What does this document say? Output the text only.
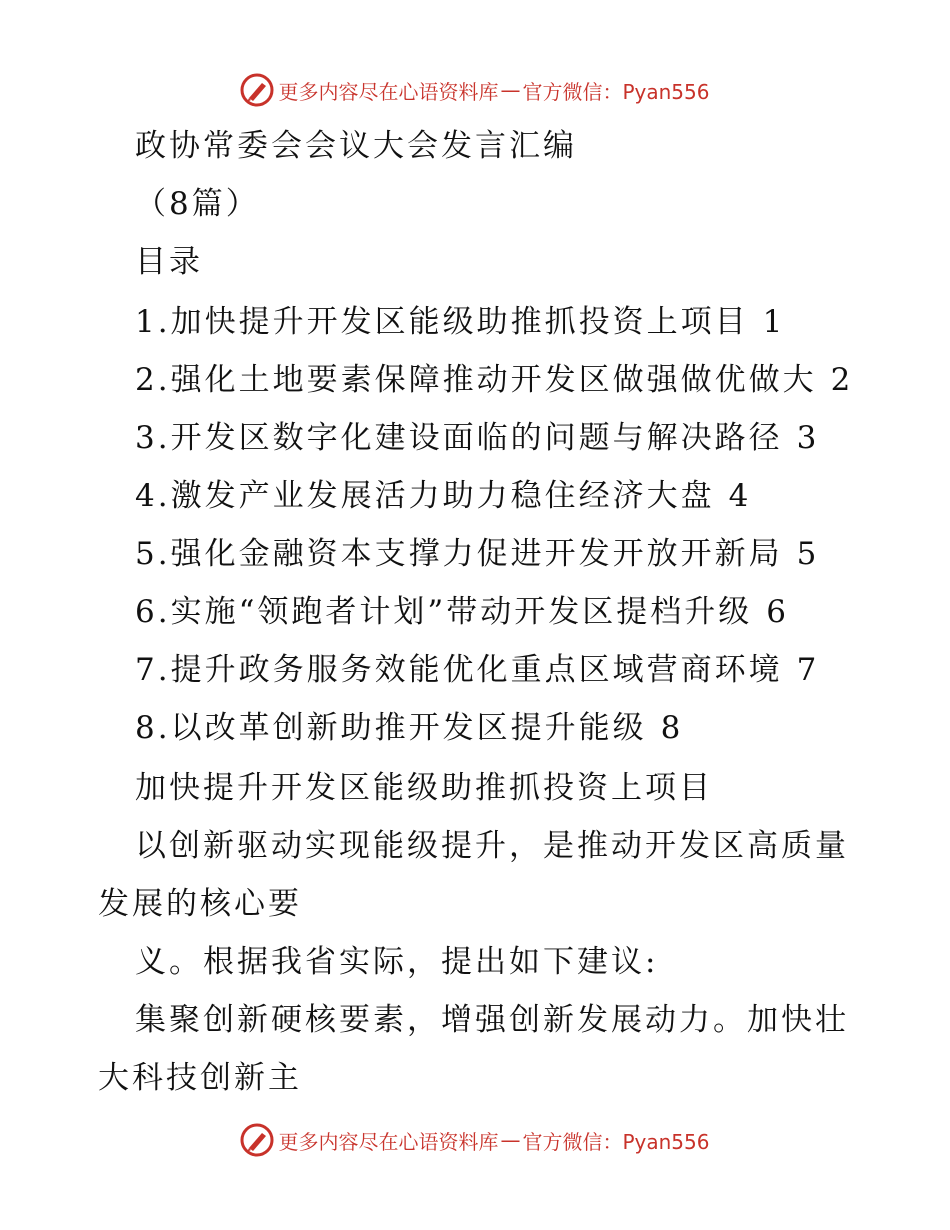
更多内容尽在心语资料库 — 官方微信：Pyan556
政协常委会会议大会发言汇编
（8篇）
目录
1.加快提升开发区能级助推抓投资上项目 1
2.强化土地要素保障推动开发区做强做优做大 2
3.开发区数字化建设面临的问题与解决路径 3
4.激发产业发展活力助力稳住经济大盘 4
5.强化金融资本支撑力促进开发开放开新局 5
6.实施“领跑者计划”带动开发区提档升级 6
7.提升政务服务效能优化重点区域营商环境 7
8.以改革创新助推开发区提升能级 8
加快提升开发区能级助推抓投资上项目
以创新驱动实现能级提升，是推动开发区高质量
发展的核心要
义。根据我省实际，提出如下建议:
集聚创新硬核要素，增强创新发展动力。加快壮
大科技创新主
更多内容尽在心语资料库 — 官方微信：Pyan556
